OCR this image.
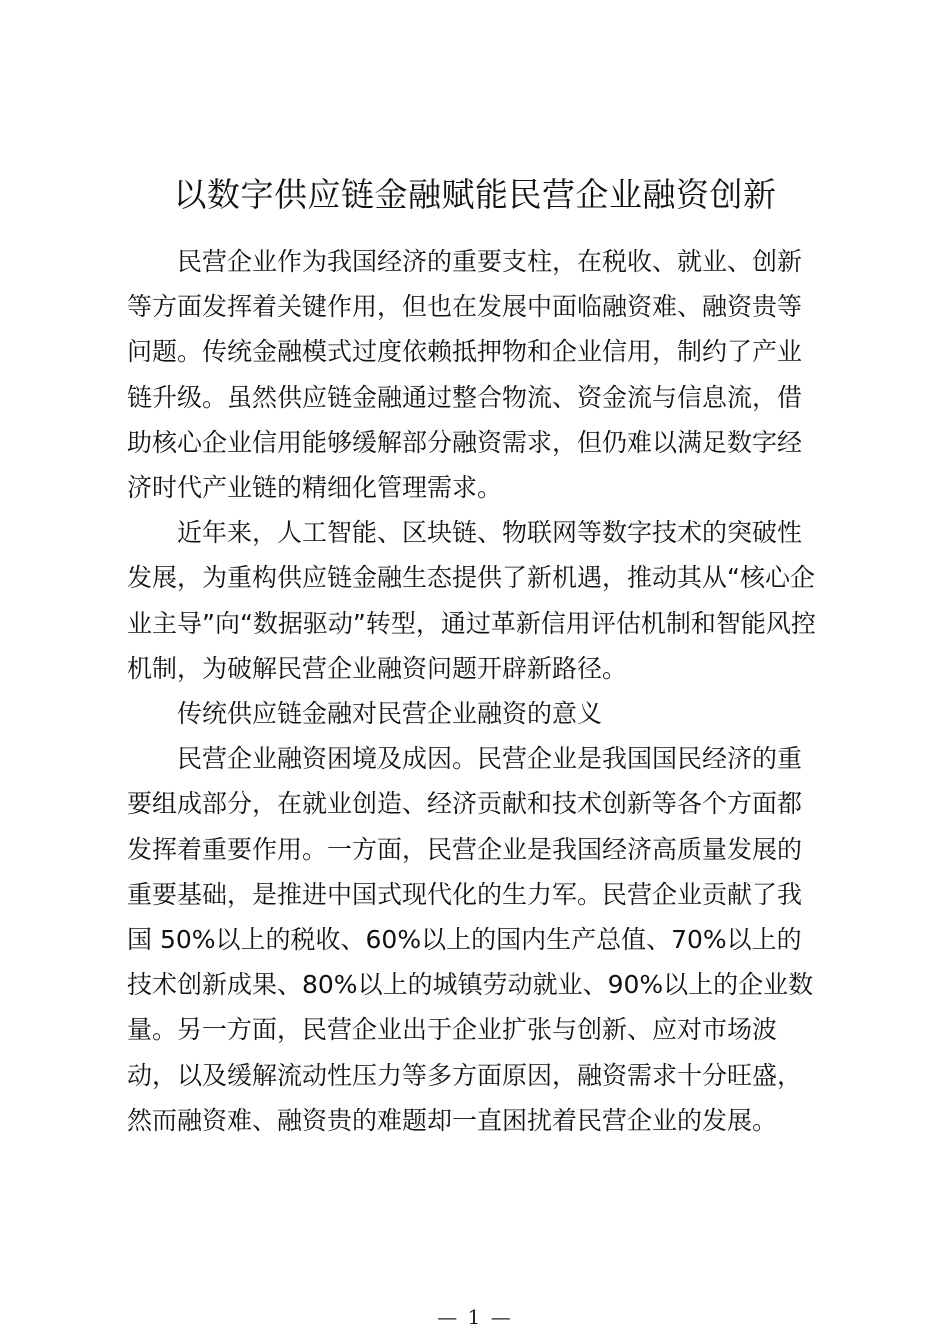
以数字供应链金融赋能民营企业融资创新

民营企业作为我国经济的重要支柱，在税收、就业、创新
等方面发挥着关键作用，但也在发展中面临融资难、融资贵等
问题。传统金融模式过度依赖抵押物和企业信用，制约了产业
链升级。虽然供应链金融通过整合物流、资金流与信息流，借
助核心企业信用能够缓解部分融资需求，但仍难以满足数字经
济时代产业链的精细化管理需求。

近年来，人工智能、区块链、物联网等数字技术的突破性
发展，为重构供应链金融生态提供了新机遇，推动其从“核心企
业主导”向“数据驱动”转型，通过革新信用评估机制和智能风控
机制，为破解民营企业融资问题开辟新路径。

传统供应链金融对民营企业融资的意义

民营企业融资困境及成因。民营企业是我国国民经济的重
要组成部分，在就业创造、经济贡献和技术创新等各个方面都
发挥着重要作用。一方面，民营企业是我国经济高质量发展的
重要基础，是推进中国式现代化的生力军。民营企业贡献了我
国 50%以上的税收、60%以上的国内生产总值、70%以上的
技术创新成果、80%以上的城镇劳动就业、90%以上的企业数
量。另一方面，民营企业出于企业扩张与创新、应对市场波
动，以及缓解流动性压力等多方面原因，融资需求十分旺盛，
然而融资难、融资贵的难题却一直困扰着民营企业的发展。

— 1 —
